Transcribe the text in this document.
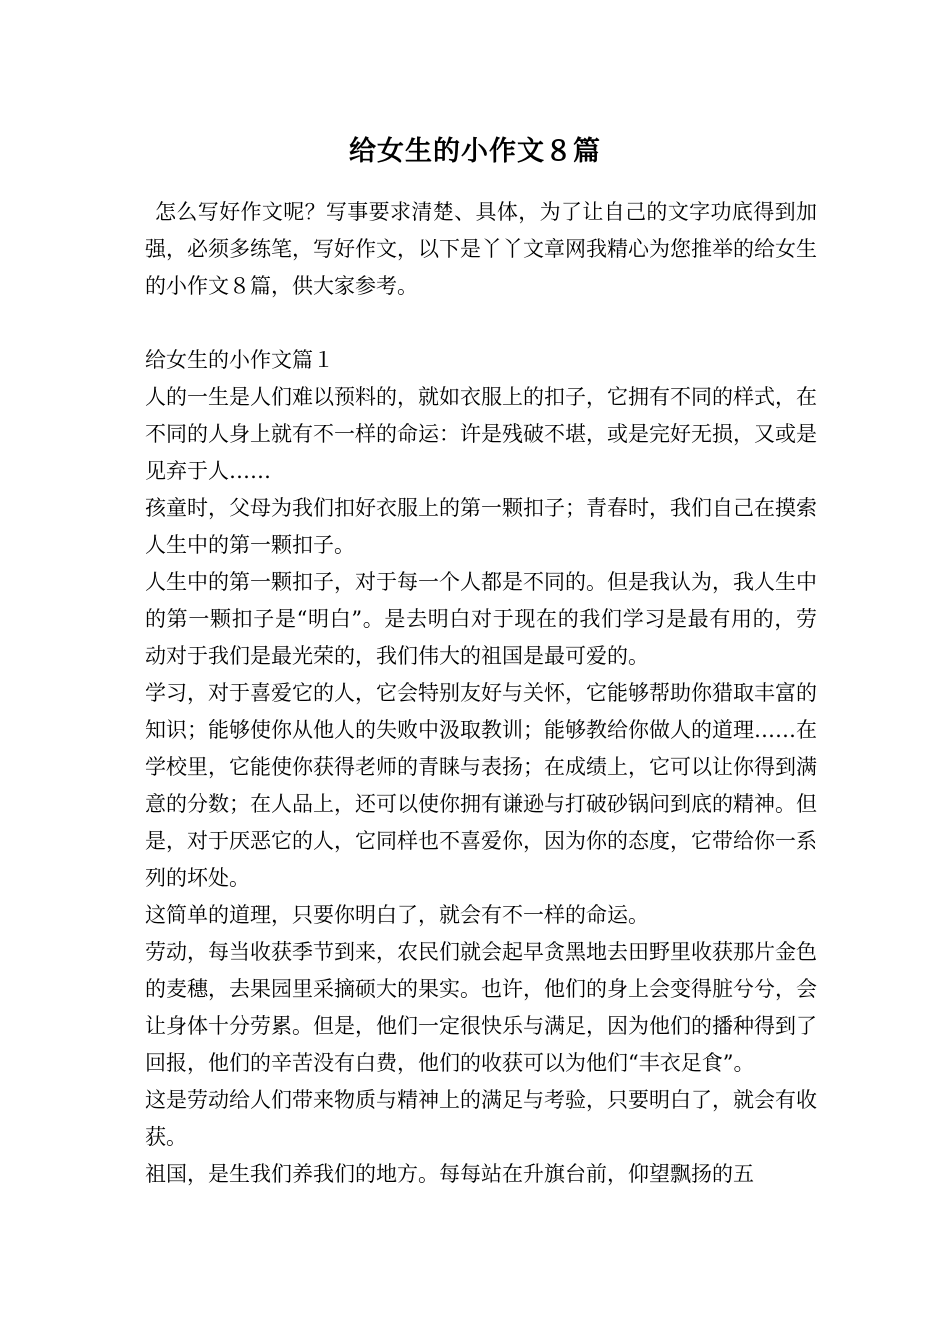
给女生的小作文８篇

怎么写好作文呢？写事要求清楚、具体，为了让自己的文字功底得到加强，必须多练笔，写好作文，以下是丫丫文章网我精心为您推举的给女生的小作文８篇，供大家参考。

给女生的小作文篇１

人的一生是人们难以预料的，就如衣服上的扣子，它拥有不同的样式，在不同的人身上就有不一样的命运：许是残破不堪，或是完好无损，又或是见弃于人……

孩童时，父母为我们扣好衣服上的第一颗扣子；青春时，我们自己在摸索人生中的第一颗扣子。

人生中的第一颗扣子，对于每一个人都是不同的。但是我认为，我人生中的第一颗扣子是“明白”。是去明白对于现在的我们学习是最有用的，劳动对于我们是最光荣的，我们伟大的祖国是最可爱的。

学习，对于喜爱它的人，它会特别友好与关怀，它能够帮助你猎取丰富的知识；能够使你从他人的失败中汲取教训；能够教给你做人的道理……在学校里，它能使你获得老师的青睐与表扬；在成绩上，它可以让你得到满意的分数；在人品上，还可以使你拥有谦逊与打破砂锅问到底的精神。但是，对于厌恶它的人，它同样也不喜爱你，因为你的态度，它带给你一系列的坏处。

这简单的道理，只要你明白了，就会有不一样的命运。

劳动，每当收获季节到来，农民们就会起早贪黑地去田野里收获那片金色的麦穗，去果园里采摘硕大的果实。也许，他们的身上会变得脏兮兮，会让身体十分劳累。但是，他们一定很快乐与满足，因为他们的播种得到了回报，他们的辛苦没有白费，他们的收获可以为他们“丰衣足食”。

这是劳动给人们带来物质与精神上的满足与考验，只要明白了，就会有收获。

祖国，是生我们养我们的地方。每每站在升旗台前，仰望飘扬的五
